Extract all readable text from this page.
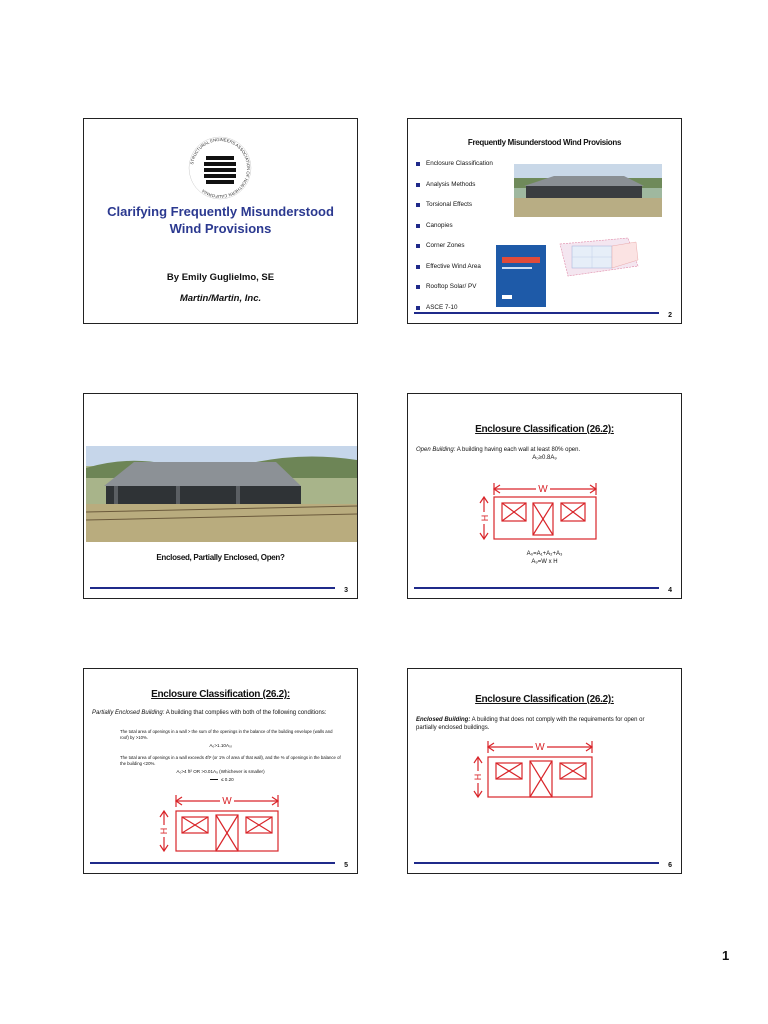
STRUCTURAL ENGINEERS ASSOCIATION OF NORTHERN CALIFORNIA
Clarifying Frequently Misunderstood Wind Provisions
By Emily Guglielmo, SE
Martin/Martin, Inc.
Frequently Misunderstood Wind Provisions
Enclosure Classification
Analysis Methods
Torsional Effects
Canopies
Corner Zones
Effective Wind Area
Rooftop Solar/ PV
ASCE 7-10
2
Enclosed, Partially Enclosed, Open?
3
Enclosure Classification (26.2):
Open Building: A building having each wall at least 80% open.
A₀≥0.8A₉
W
H
A₀=A₁+A₂+A₃
A₉=W x H
4
Enclosure Classification (26.2):
Partially Enclosed Building: A building that complies with both of the following conditions:
The total area of openings in a wall > the sum of the openings in the balance of the building envelope (walls and roof) by >10%.
A₀>1.10A₀ᵢ
The total area of openings in a wall exceeds 4ft² (or 1% of area of that wall), and the % of openings in the balance of the building <20%.
A₀>4 ft² OR >0.01A₉ (Whichever is smaller)
≤ 0.20
W
H
5
Enclosure Classification (26.2):
Enclosed Building: A building that does not comply with the requirements for open or partially enclosed buildings.
W
H
6
1
